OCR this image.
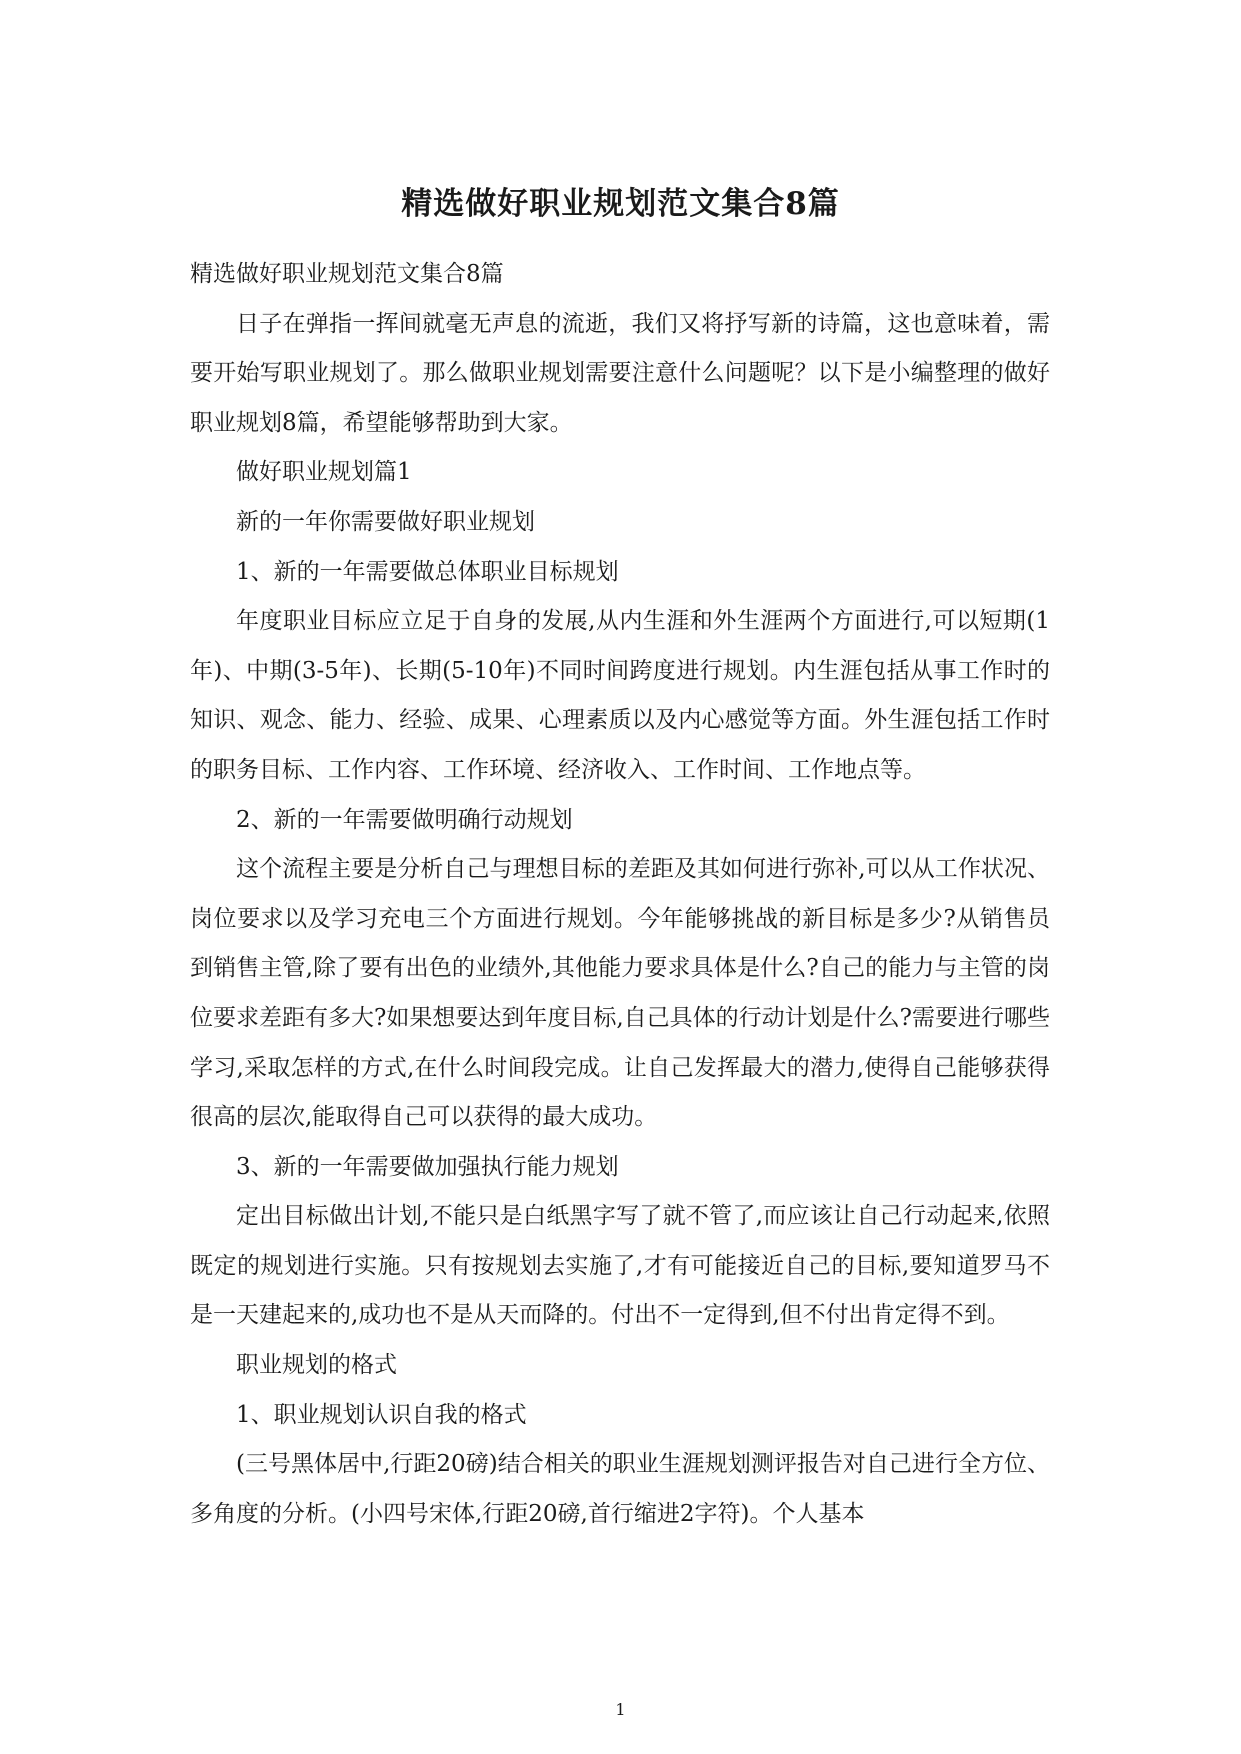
精选做好职业规划范文集合8篇

精选做好职业规划范文集合8篇

日子在弹指一挥间就毫无声息的流逝，我们又将抒写新的诗篇，这也意味着，需要开始写职业规划了。那么做职业规划需要注意什么问题呢？以下是小编整理的做好职业规划8篇，希望能够帮助到大家。

做好职业规划篇1

新的一年你需要做好职业规划

1、新的一年需要做总体职业目标规划

年度职业目标应立足于自身的发展,从内生涯和外生涯两个方面进行,可以短期(1年)、中期(3-5年)、长期(5-10年)不同时间跨度进行规划。内生涯包括从事工作时的知识、观念、能力、经验、成果、心理素质以及内心感觉等方面。外生涯包括工作时的职务目标、工作内容、工作环境、经济收入、工作时间、工作地点等。

2、新的一年需要做明确行动规划

这个流程主要是分析自己与理想目标的差距及其如何进行弥补,可以从工作状况、岗位要求以及学习充电三个方面进行规划。今年能够挑战的新目标是多少?从销售员到销售主管,除了要有出色的业绩外,其他能力要求具体是什么?自己的能力与主管的岗位要求差距有多大?如果想要达到年度目标,自己具体的行动计划是什么?需要进行哪些学习,采取怎样的方式,在什么时间段完成。让自己发挥最大的潜力,使得自己能够获得很高的层次,能取得自己可以获得的最大成功。

3、新的一年需要做加强执行能力规划

定出目标做出计划,不能只是白纸黑字写了就不管了,而应该让自己行动起来,依照既定的规划进行实施。只有按规划去实施了,才有可能接近自己的目标,要知道罗马不是一天建起来的,成功也不是从天而降的。付出不一定得到,但不付出肯定得不到。

职业规划的格式

1、职业规划认识自我的格式

(三号黑体居中,行距20磅)结合相关的职业生涯规划测评报告对自己进行全方位、多角度的分析。(小四号宋体,行距20磅,首行缩进2字符)。个人基本

1
